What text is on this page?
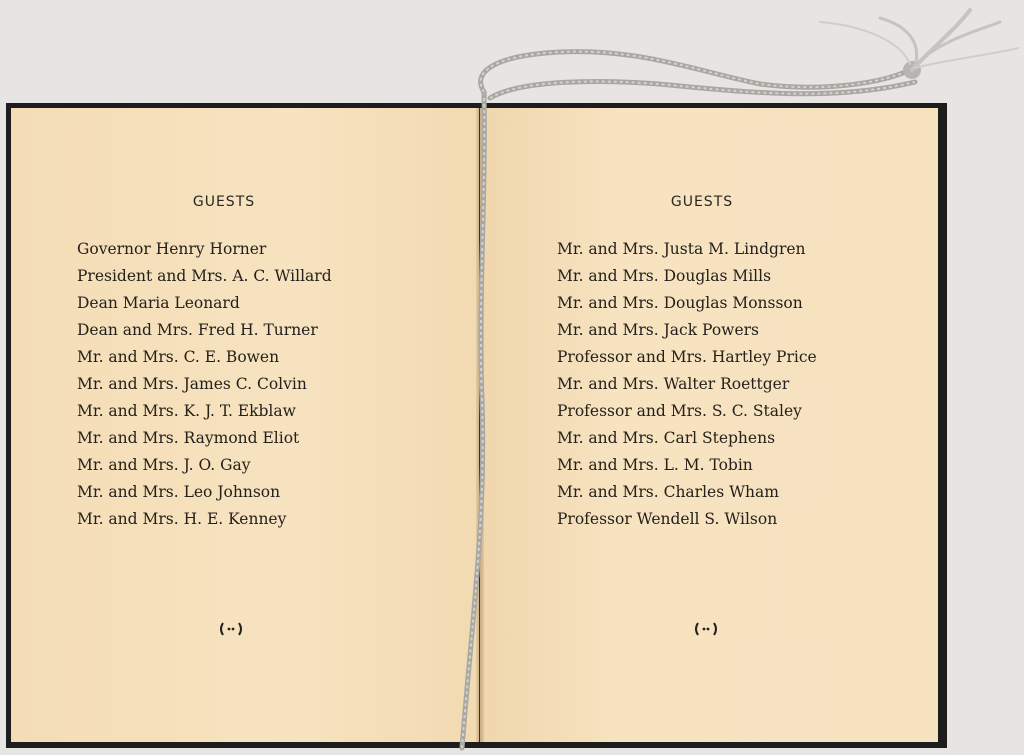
GUESTS
Governor Henry Horner
President and Mrs. A. C. Willard
Dean Maria Leonard
Dean and Mrs. Fred H. Turner
Mr. and Mrs. C. E. Bowen
Mr. and Mrs. James C. Colvin
Mr. and Mrs. K. J. T. Ekblaw
Mr. and Mrs. Raymond Eliot
Mr. and Mrs. J. O. Gay
Mr. and Mrs. Leo Johnson
Mr. and Mrs. H. E. Kenney
GUESTS
Mr. and Mrs. Justa M. Lindgren
Mr. and Mrs. Douglas Mills
Mr. and Mrs. Douglas Monsson
Mr. and Mrs. Jack Powers
Professor and Mrs. Hartley Price
Mr. and Mrs. Walter Roettger
Professor and Mrs. S. C. Staley
Mr. and Mrs. Carl Stephens
Mr. and Mrs. L. M. Tobin
Mr. and Mrs. Charles Wham
Professor Wendell S. Wilson
